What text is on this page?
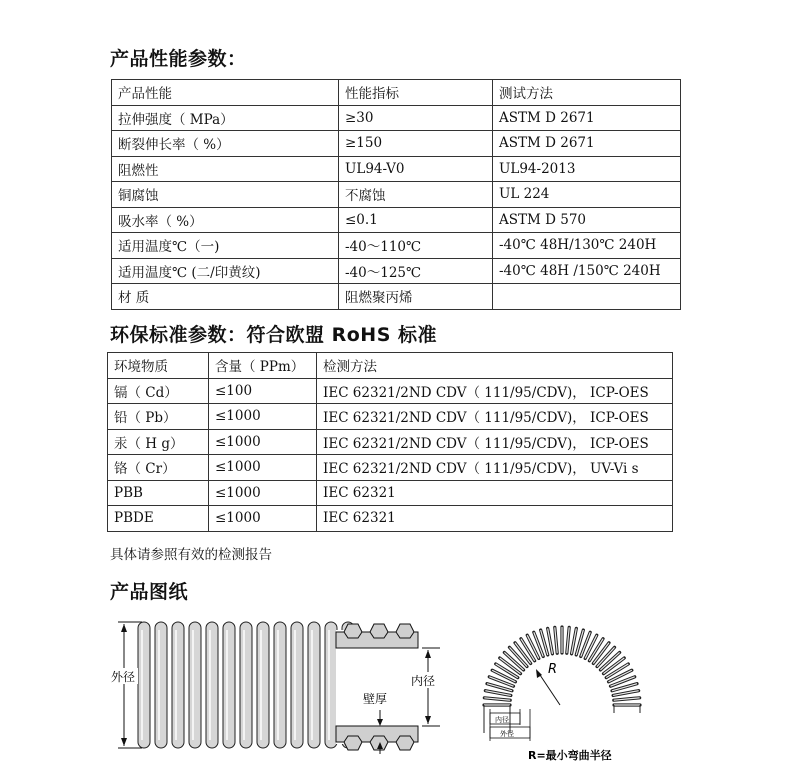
产品性能参数：
产品性能	性能指标	测试方法
拉伸强度（ MPa）	≥30	ASTM D 2671
断裂伸长率（ %）	≥150	ASTM D 2671
阻燃性	UL94-V0	UL94-2013
铜腐蚀	不腐蚀	UL 224
吸水率（ %）	≤0.1	ASTM D 570
适用温度℃（一)	-40～110℃	-40℃ 48H/130℃ 240H
适用温度℃ (二/印黄纹)	-40～125℃	-40℃ 48H /150℃ 240H
材 质	阻燃聚丙烯	
环保标准参数：符合欧盟 RoHS 标准
环境物质	含量（ PPm）	检测方法
镉（ Cd）	≤100	IEC 62321/2ND CDV（ 111/95/CDV)， ICP-OES
铅（ Pb）	≤1000	IEC 62321/2ND CDV（ 111/95/CDV)， ICP-OES
汞（ H g）	≤1000	IEC 62321/2ND CDV（ 111/95/CDV)， ICP-OES
铬（ Cr）	≤1000	IEC 62321/2ND CDV（ 111/95/CDV)， UV-Vi s
PBB	≤1000	IEC 62321
PBDE	≤1000	IEC 62321
具体请参照有效的检测报告
产品图纸
外径	内径
壁厚
R
内径
外径
R=最小弯曲半径
